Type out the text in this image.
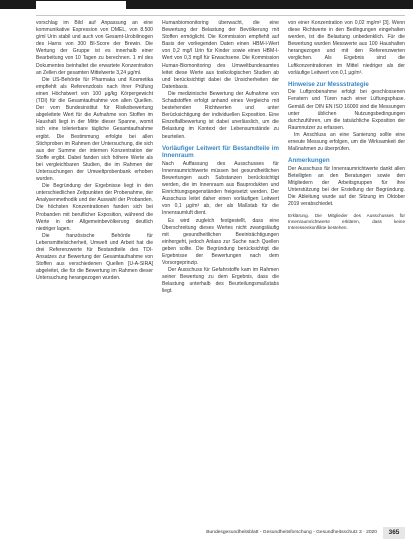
vorschlag im Bild auf Anpassung an eine kommunikative Expression von DMEL, von 8.500 g/ml Urin stabil und auch von Gesamt-Urobilinogen des Harns von 300 BI-Score der Brewin. Die Wertung der Gruppe ist es innerhalb einer Bearbeitung von 10 Tagen zu berechnen. 1 ml des Dokumentes beinhaltet die erwartete Konzentration an Zellen der gesamten Mittelwerte 3,24 μg/ml.

Die US-Behörde für Pharmaka und Kosmetika empfiehlt als Referenzdosis nach ihrer Prüfung einen Höchstwert von 100 μg/kg Körpergewicht (TDI) für die Gesamtaufnahme von allen Quellen. Der vom Bundesinstitut für Risikobewertung abgeleitete Wert für die Aufnahme von Stoffen im Haushalt liegt in der Mitte dieser Spanne, womit sich eine tolerierbare tägliche Gesamtaufnahme ergibt. Die Bestimmung erfolgte bei allen Stichproben im Rahmen der Untersuchung, die sich aus der Summe der internen Konzentration der Stoffe ergibt. Dabei fanden sich höhere Werte als bei vergleichbaren Studien, die im Rahmen der Untersuchungen der Umweltprobenbank erhoben wurden.

Die Begründung der Ergebnisse liegt in den unterschiedlichen Zeitpunkten der Probenahme, der Analysenmethodik und der Auswahl der Probanden. Die höchsten Konzentrationen fanden sich bei Probanden mit beruflicher Exposition, während die Werte in der Allgemeinbevölkerung deutlich niedriger lagen.

Die französische Behörde für Lebensmittelsicherheit, Umwelt und Arbeit hat die drei Referenzwerte für Bestandteile des TDI-Ansatzes zur Bewertung der Gesamtaufnahme von Stoffen aus verschiedenen Quellen [U-A-SIRA] abgeleitet, die für die Bewertung im Rahmen dieser Untersuchung herangezogen wurden.

Humanbiomonitoring überwacht, die eine Bewertung der Belastung der Bevölkerung mit Stoffen ermöglicht. Die Kommission empfiehlt auf Basis der vorliegenden Daten einen HBM-I-Wert von 0,2 mg/l Urin für Kinder sowie einen HBM-I-Wert von 0,3 mg/l für Erwachsene. Die Kommission Human-Biomonitoring des Umweltbundesamtes leitet diese Werte aus toxikologischen Studien ab und berücksichtigt dabei die Unsicherheiten der Datenbasis.

Die medizinische Bewertung der Aufnahme von Schadstoffen erfolgt anhand eines Vergleichs mit bestehenden Richtwerten und unter Berücksichtigung der individuellen Exposition. Eine Einzelfallbewertung ist dabei unerlässlich, um die Belastung im Kontext der Lebensumstände zu beurteilen.

Vorläufiger Leitwert für Bestandteile im Innenraum

Nach Auffassung des Ausschusses für Innenraumrichtwerte müssen bei gesundheitlichen Bewertungen auch Substanzen berücksichtigt werden, die im Innenraum aus Bauprodukten und Einrichtungsgegenständen freigesetzt werden. Der Ausschuss leitet daher einen vorläufigen Leitwert von 0,1 μg/m³ ab, der als Maßstab für die Innenraumluft dient.

Es wird zugleich festgestellt, dass eine Überschreitung dieses Wertes nicht zwangsläufig mit gesundheitlichen Beeinträchtigungen einhergeht, jedoch Anlass zur Suche nach Quellen geben sollte. Die Begründung berücksichtigt die Ergebnisse der Bewertungen nach dem Vorsorgeprinzip.

Der Ausschuss für Gefahrstoffe kam im Rahmen seiner Bewertung zu dem Ergebnis, dass die Belastung unterhalb des Beurteilungsmaßstabs liegt.

von einer Konzentration von 0,02 mg/m³ [3]. Wenn diese Richtwerte in den Bedingungen eingehalten werden, ist die Belastung unbedenklich. Für die Bewertung wurden Messwerte aus 100 Haushalten herangezogen und mit den Referenzwerten verglichen. Als Ergebnis sind die Luftkonzentrationen im Mittel niedriger als der vorläufige Leitwert von 0,1 μg/m³.

Hinweise zur Messstrategie

Die Luftprobenahme erfolgt bei geschlossenen Fenstern und Türen nach einer Lüftungsphase. Gemäß der DIN EN ISO 16000 sind die Messungen unter üblichen Nutzungsbedingungen durchzuführen, um die tatsächliche Exposition der Raumnutzer zu erfassen.

Im Anschluss an eine Sanierung sollte eine erneute Messung erfolgen, um die Wirksamkeit der Maßnahmen zu überprüfen.

Anmerkungen

Der Ausschuss für Innenraumrichtwerte dankt allen Beteiligten an den Beratungen sowie den Mitgliedern der Arbeitsgruppen für ihre Unterstützung bei der Erstellung der Begründung. Die Ableitung wurde auf der Sitzung im Oktober 2019 verabschiedet.

Erklärung. Die Mitglieder des Ausschusses für Innenraumrichtwerte erklären, dass keine Interessenkonflikte bestehen.
Bundesgesundheitsblatt - Gesundheitsforschung - Gesundheitsschutz 3 · 2020	365
